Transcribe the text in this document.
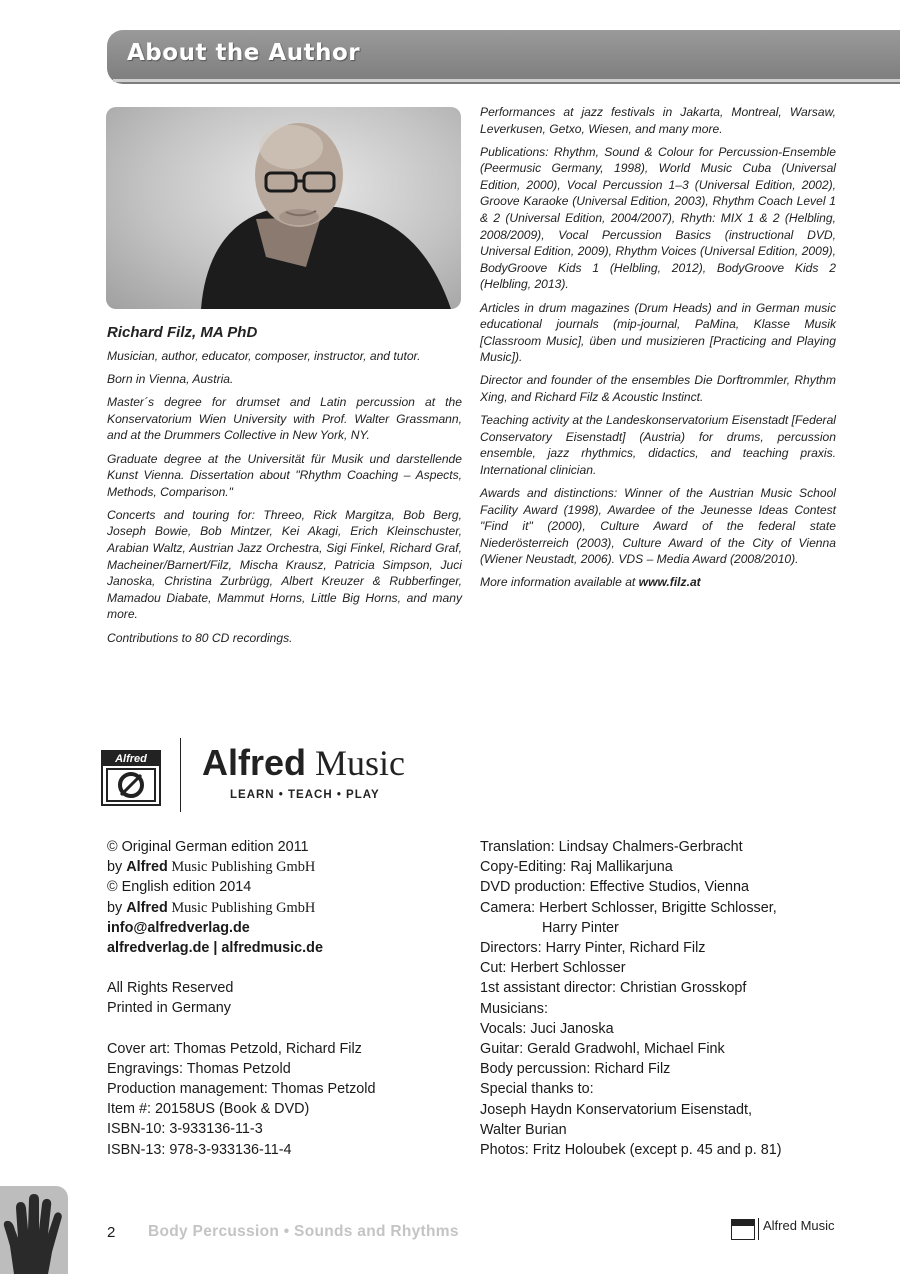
About the Author

Richard Filz, MA PhD

Musician, author, educator, composer, instructor, and tutor.

Born in Vienna, Austria.

Master´s degree for drumset and Latin percussion at the Konservatorium Wien University with Prof. Walter Grassmann, and at the Drummers Collective in New York, NY.

Graduate degree at the Universität für Musik und darstellende Kunst Vienna. Dissertation about "Rhythm Coaching – Aspects, Methods, Comparison."

Concerts and touring for: Threeo, Rick Margitza, Bob Berg, Joseph Bowie, Bob Mintzer, Kei Akagi, Erich Kleinschuster, Arabian Waltz, Austrian Jazz Orchestra, Sigi Finkel, Richard Graf, Macheiner/Barnert/Filz, Mischa Krausz, Patricia Simpson, Juci Janoska, Christina Zurbrügg, Albert Kreuzer & Rubberfinger, Mamadou Diabate, Mammut Horns, Little Big Horns, and many more.

Contributions to 80 CD recordings.

Performances at jazz festivals in Jakarta, Montreal, Warsaw, Leverkusen, Getxo, Wiesen, and many more.

Publications: Rhythm, Sound & Colour for Percussion-Ensemble (Peermusic Germany, 1998), World Music Cuba (Universal Edition, 2000), Vocal Percussion 1–3 (Universal Edition, 2002), Groove Karaoke (Universal Edition, 2003), Rhythm Coach Level 1 & 2 (Universal Edition, 2004/2007), Rhyth: MIX 1 & 2 (Helbling, 2008/2009), Vocal Percussion Basics (instructional DVD, Universal Edition, 2009), Rhythm Voices (Universal Edition, 2009), BodyGroove Kids 1 (Helbling, 2012), BodyGroove Kids 2 (Helbling, 2013).

Articles in drum magazines (Drum Heads) and in German music educational journals (mip-journal, PaMina, Klasse Musik [Classroom Music], üben und musizieren [Practicing and Playing Music]).

Director and founder of the ensembles Die Dorftrommler, Rhythm Xing, and Richard Filz & Acoustic Instinct.

Teaching activity at the Landeskonservatorium Eisenstadt [Federal Conservatory Eisenstadt] (Austria) for drums, percussion ensemble, jazz rhythmics, didactics, and teaching praxis. International clinician.

Awards and distinctions: Winner of the Austrian Music School Facility Award (1998), Awardee of the Jeunesse Ideas Contest "Find it" (2000), Culture Award of the federal state Niederösterreich (2003), Culture Award of the City of Vienna (Wiener Neustadt, 2006). VDS – Media Award (2008/2010).

More information available at www.filz.at

Alfred	Alfred Music
LEARN • TEACH • PLAY
© Original German edition 2011
by Alfred Music Publishing GmbH
© English edition 2014
by Alfred Music Publishing GmbH
info@alfredverlag.de
alfredverlag.de | alfredmusic.de
All Rights Reserved
Printed in Germany
Cover art: Thomas Petzold, Richard Filz
Engravings: Thomas Petzold
Production management: Thomas Petzold
Item #: 20158US (Book & DVD)
ISBN-10: 3-933136-11-3
ISBN-13: 978-3-933136-11-4
Translation: Lindsay Chalmers-Gerbracht
Copy-Editing: Raj Mallikarjuna
DVD production: Effective Studios, Vienna
Camera: Herbert Schlosser, Brigitte Schlosser,
Harry Pinter
Directors: Harry Pinter, Richard Filz
Cut: Herbert Schlosser
1st assistant director: Christian Grosskopf
Musicians:
Vocals: Juci Janoska
Guitar: Gerald Gradwohl, Michael Fink
Body percussion: Richard Filz
Special thanks to:
Joseph Haydn Konservatorium Eisenstadt,
Walter Burian
Photos: Fritz Holoubek (except p. 45 and p. 81)
2 Body Percussion • Sounds and Rhythms	Alfred Music
